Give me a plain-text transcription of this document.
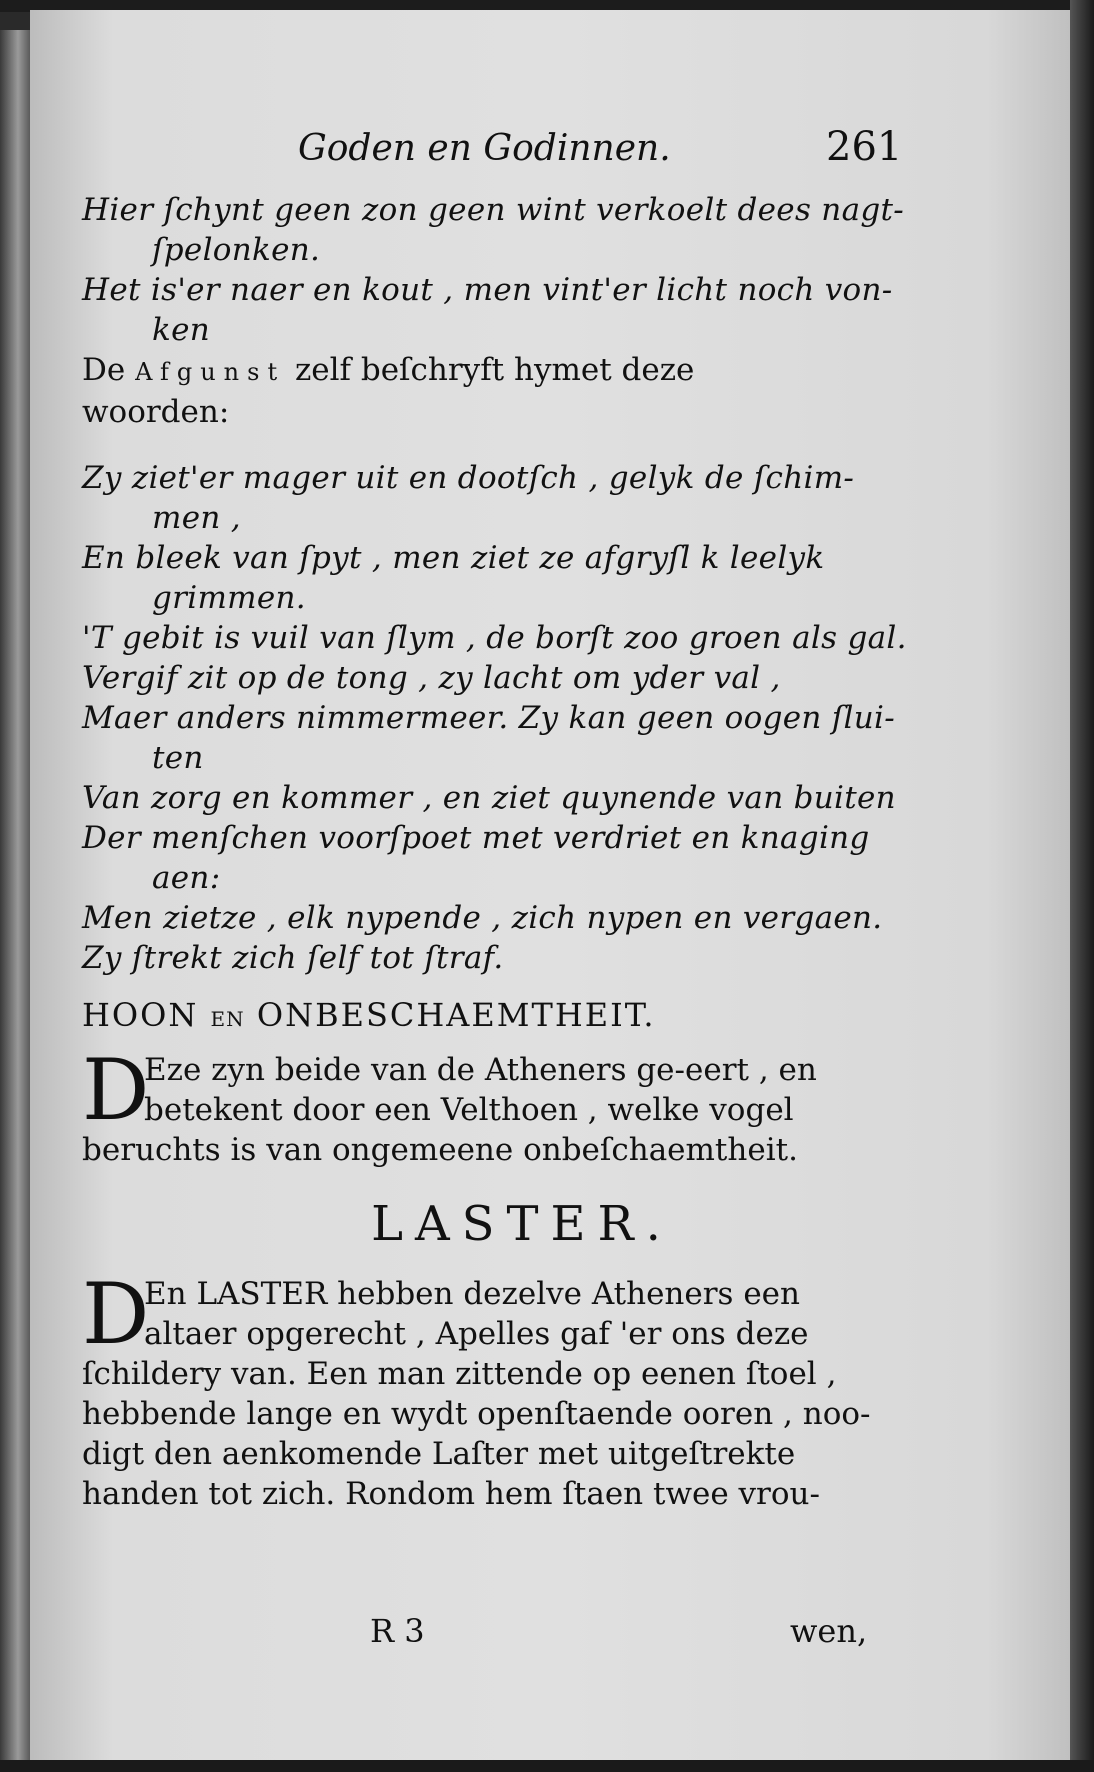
Goden en Godinnen.	261

Hier ſchynt geen zon geen wint verkoelt dees nagt-

ſpelonken.

Het is'er naer en kout , men vint'er licht noch von-

ken

De Afgunst zelf beſchryft hymet deze

woorden:

Zy ziet'er mager uit en dootſch , gelyk de ſchim-

men ,

En bleek van ſpyt , men ziet ze afgryſl k leelyk

grimmen.

'T gebit is vuil van ſlym , de borſt zoo groen als gal.

Vergif zit op de tong , zy lacht om yder val ,

Maer anders nimmermeer. Zy kan geen oogen ſlui-

ten

Van zorg en kommer , en ziet quynende van buiten

Der menſchen voorſpoet met verdriet en knaging

aen:

Men zietze , elk nypende , zich nypen en vergaen.

Zy ſtrekt zich ſelf tot ſtraf.

HOON EN ONBESCHAEMTHEIT.
D

Eze zyn beide van de Atheners ge-eert , en

betekent door een Velthoen , welke vogel

beruchts is van ongemeene onbeſchaemtheit.

LASTER.
D

En LASTER hebben dezelve Atheners een

altaer opgerecht , Apelles gaf 'er ons deze

ſchildery van. Een man zittende op eenen ſtoel ,

hebbende lange en wydt openſtaende ooren , noo-

digt den aenkomende Laſter met uitgeſtrekte

handen tot zich. Rondom hem ſtaen twee vrou-

R 3	wen,
